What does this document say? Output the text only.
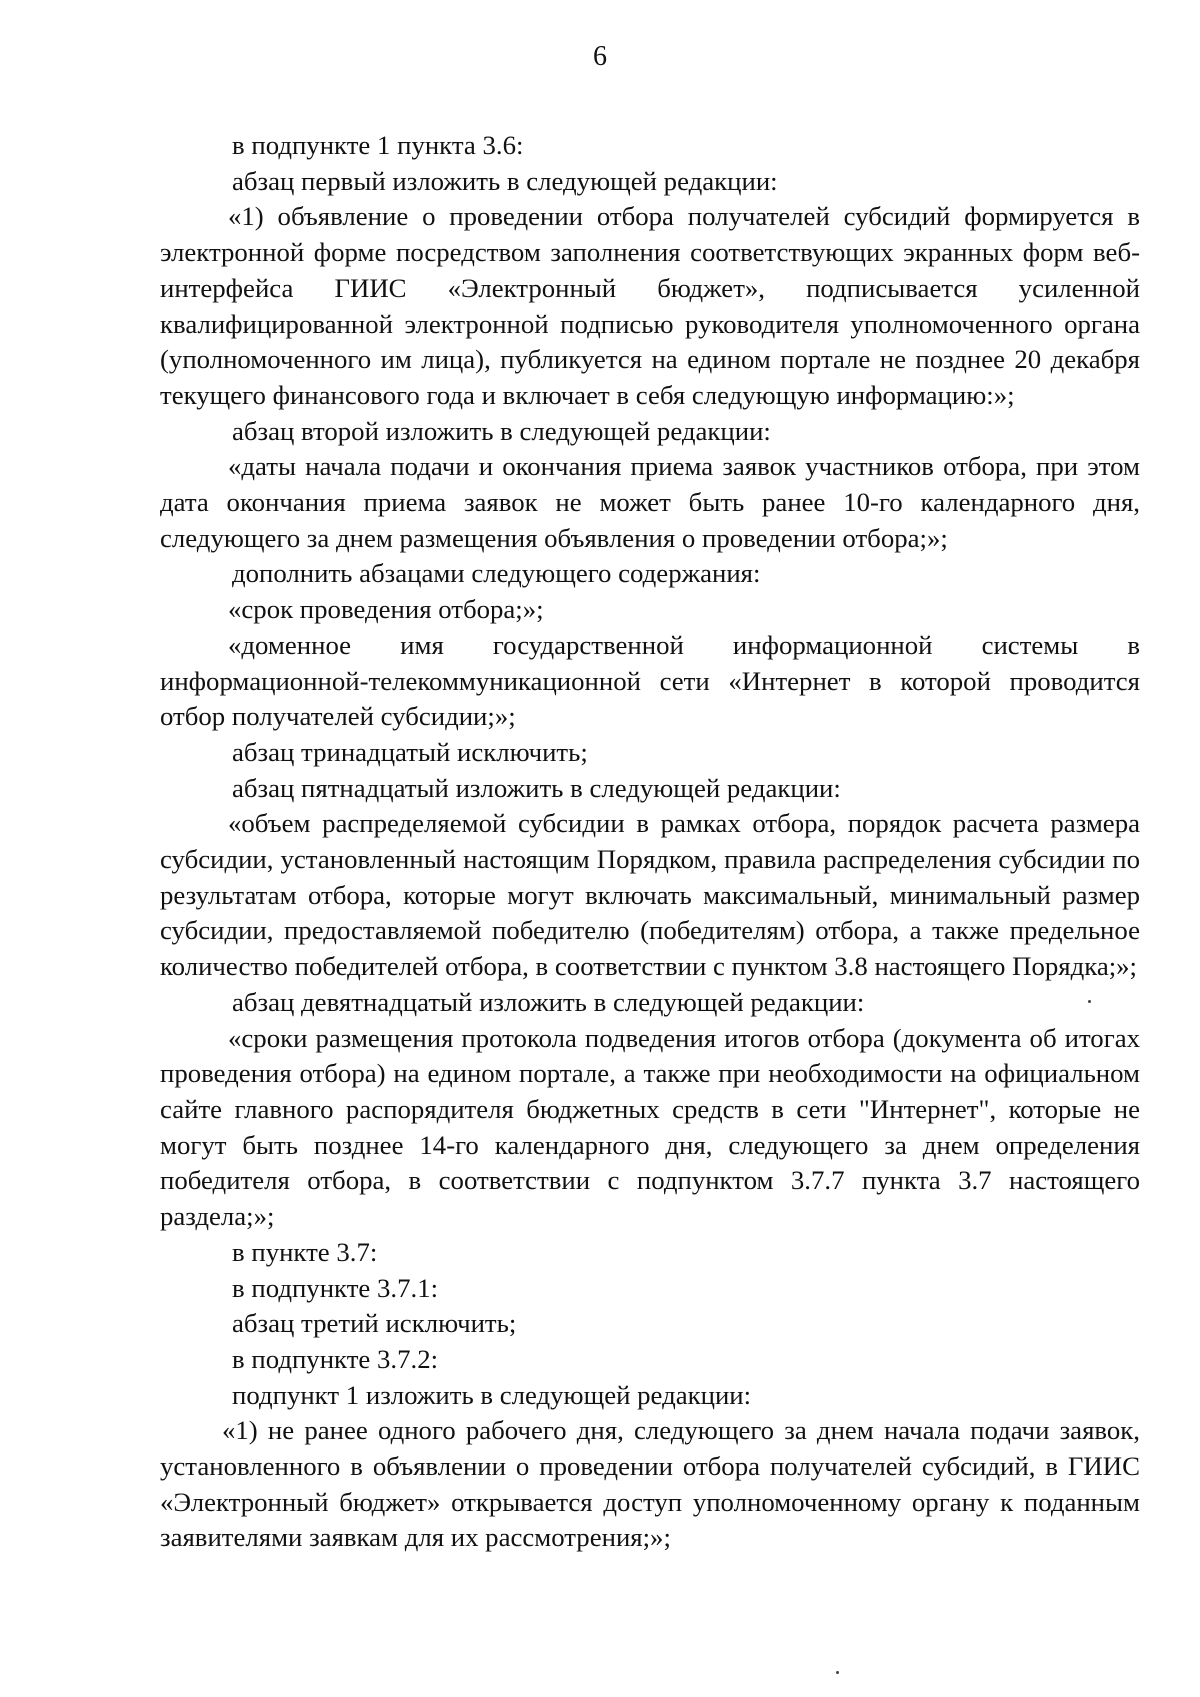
6

в подпункте 1 пункта 3.6:

абзац первый изложить в следующей редакции:

«1) объявление о проведении отбора получателей субсидий формируется в электронной форме посредством заполнения соответствующих экранных форм веб-интерфейса ГИИС «Электронный бюджет», подписывается усиленной квалифицированной электронной подписью руководителя уполномоченного органа (уполномоченного им лица), публикуется на едином портале не позднее 20 декабря текущего финансового года и включает в себя следующую информацию:»;

абзац второй изложить в следующей редакции:

«даты начала подачи и окончания приема заявок участников отбора, при этом дата окончания приема заявок не может быть ранее 10-го календарного дня, следующего за днем размещения объявления о проведении отбора;»;

дополнить абзацами следующего содержания:

«срок проведения отбора;»;

«доменное имя государственной информационной системы в информационной-телекоммуникационной сети «Интернет в которой проводится отбор получателей субсидии;»;

абзац тринадцатый исключить;

абзац пятнадцатый изложить в следующей редакции:

«объем распределяемой субсидии в рамках отбора, порядок расчета размера субсидии, установленный настоящим Порядком, правила распределения субсидии по результатам отбора, которые могут включать максимальный, минимальный размер субсидии, предоставляемой победителю (победителям) отбора, а также предельное количество победителей отбора, в соответствии с пунктом 3.8 настоящего Порядка;»;

абзац девятнадцатый изложить в следующей редакции:

«сроки размещения протокола подведения итогов отбора (документа об итогах проведения отбора) на едином портале, а также при необходимости на официальном сайте главного распорядителя бюджетных средств в сети "Интернет", которые не могут быть позднее 14-го календарного дня, следующего за днем определения победителя отбора, в соответствии с подпунктом 3.7.7 пункта 3.7 настоящего раздела;»;

в пункте 3.7:

в подпункте 3.7.1:

абзац третий исключить;

в подпункте 3.7.2:

подпункт 1 изложить в следующей редакции:

«1) не ранее одного рабочего дня, следующего за днем начала подачи заявок, установленного в объявлении о проведении отбора получателей субсидий, в ГИИС «Электронный бюджет» открывается доступ уполномоченному органу к поданным заявителями заявкам для их рассмотрения;»;
